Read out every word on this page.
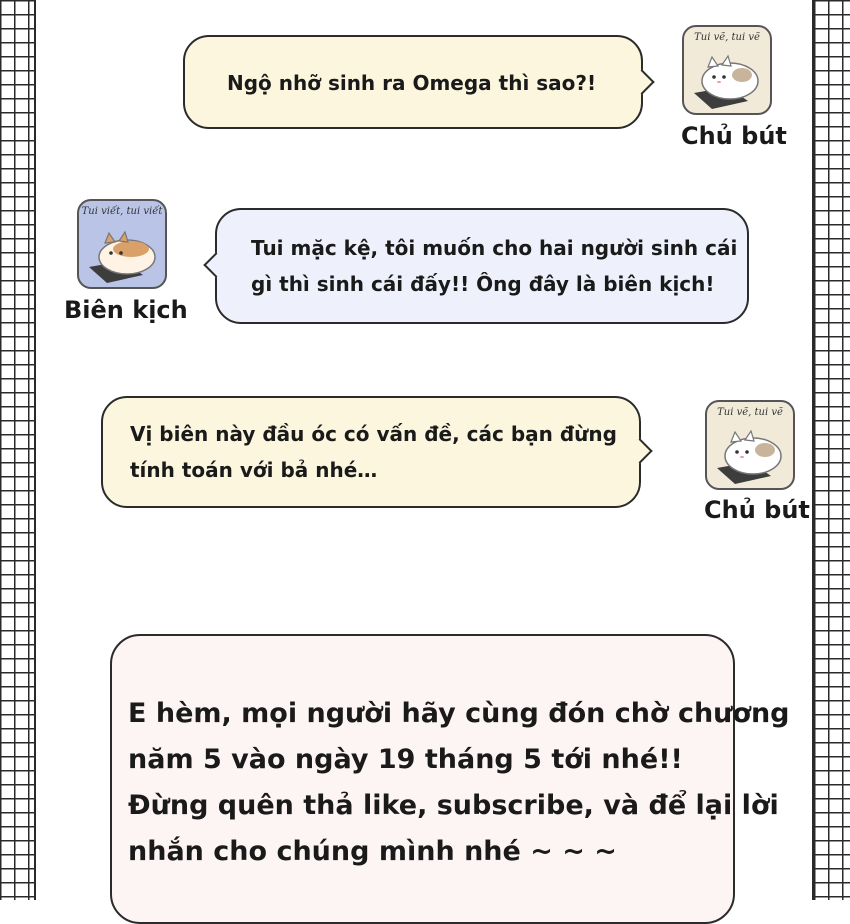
Ngộ nhỡ sinh ra Omega thì sao?!
Tui vẽ, tui vẽ
Chủ bút
Tui viết, tui viết
Biên kịch
Tui mặc kệ, tôi muốn cho hai người sinh cái
gì thì sinh cái đấy!! Ông đây là biên kịch!
Vị biên này đầu óc có vấn đề, các bạn đừng
tính toán với bả nhé…
Tui vẽ, tui vẽ
Chủ bút
E hèm, mọi người hãy cùng đón chờ chương
năm 5 vào ngày 19 tháng 5 tới nhé!!
Đừng quên thả like, subscribe, và để lại lời
nhắn cho chúng mình nhé ~ ~ ~
